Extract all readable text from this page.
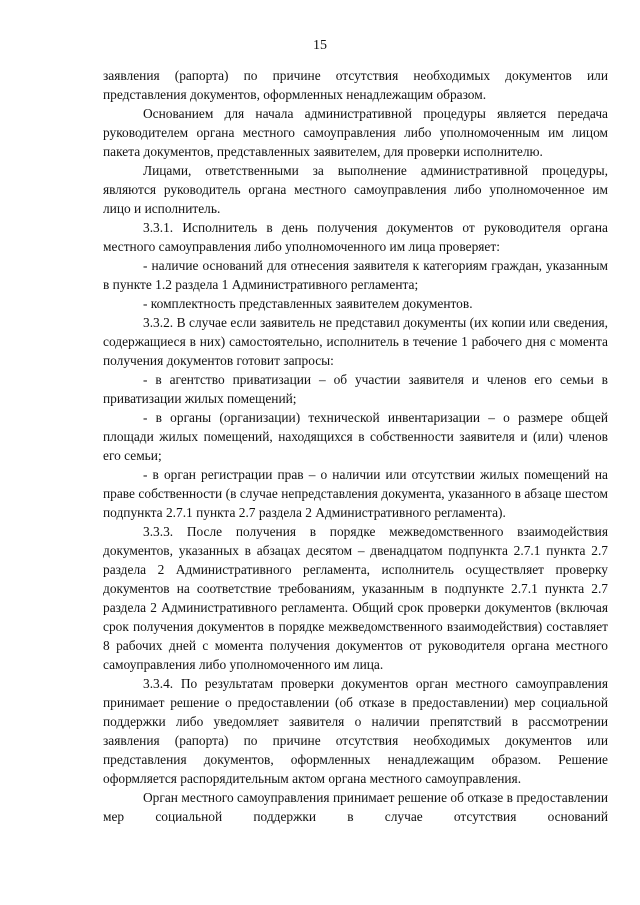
15

заявления (рапорта) по причине отсутствия необходимых документов или представления документов, оформленных ненадлежащим образом.

Основанием для начала административной процедуры является передача руководителем органа местного самоуправления либо уполномоченным им лицом пакета документов, представленных заявителем, для проверки исполнителю.

Лицами, ответственными за выполнение административной процедуры, являются руководитель органа местного самоуправления либо уполномоченное им лицо и исполнитель.

3.3.1. Исполнитель в день получения документов от руководителя органа местного самоуправления либо уполномоченного им лица проверяет:

- наличие оснований для отнесения заявителя к категориям граждан, указанным в пункте 1.2 раздела 1 Административного регламента;

- комплектность представленных заявителем документов.

3.3.2. В случае если заявитель не представил документы (их копии или сведения, содержащиеся в них) самостоятельно, исполнитель в течение 1 рабочего дня с момента получения документов готовит запросы:

- в агентство приватизации – об участии заявителя и членов его семьи в приватизации жилых помещений;

- в органы (организации) технической инвентаризации – о размере общей площади жилых помещений, находящихся в собственности заявителя и (или) членов его семьи;

- в орган регистрации прав – о наличии или отсутствии жилых помещений на праве собственности (в случае непредставления документа, указанного в абзаце шестом подпункта 2.7.1 пункта 2.7 раздела 2 Административного регламента).

3.3.3. После получения в порядке межведомственного взаимодействия документов, указанных в абзацах десятом – двенадцатом подпункта 2.7.1 пункта 2.7 раздела 2 Административного регламента, исполнитель осуществляет проверку документов на соответствие требованиям, указанным в подпункте 2.7.1 пункта 2.7 раздела 2 Административного регламента. Общий срок проверки документов (включая срок получения документов в порядке межведомственного взаимодействия) составляет 8 рабочих дней с момента получения документов от руководителя органа местного самоуправления либо уполномоченного им лица.

3.3.4. По результатам проверки документов орган местного самоуправления принимает решение о предоставлении (об отказе в предоставлении) мер социальной поддержки либо уведомляет заявителя о наличии препятствий в рассмотрении заявления (рапорта) по причине отсутствия необходимых документов или представления документов, оформленных ненадлежащим образом. Решение оформляется распорядительным актом органа местного самоуправления.

Орган местного самоуправления принимает решение об отказе в предоставлении мер социальной поддержки в случае отсутствия оснований
